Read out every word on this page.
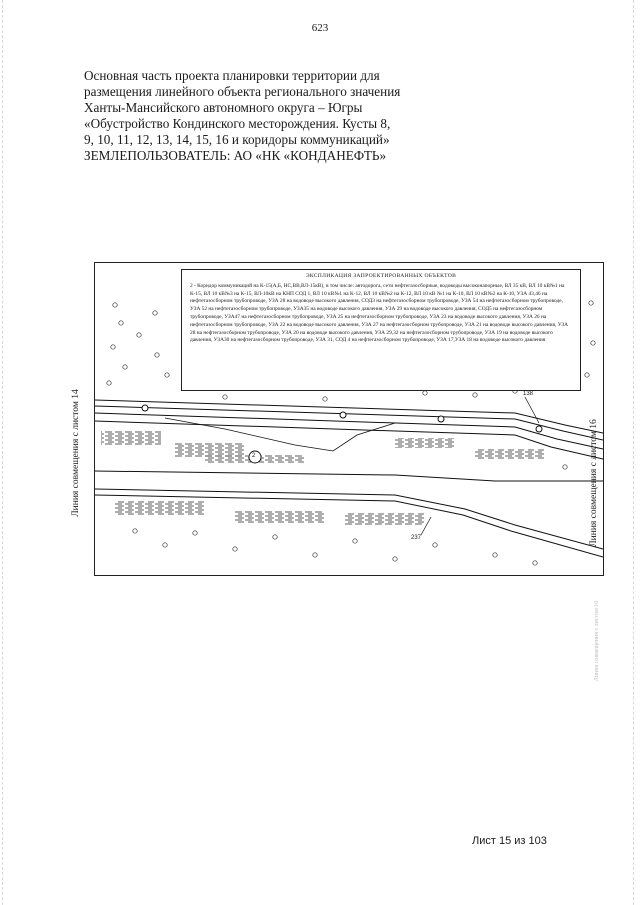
623
Основная часть проекта планировки территории для
размещения линейного объекта регионального значения
Ханты-Мансийского автономного округа – Югры
«Обустройство Кондинского месторождения. Кусты 8,
9, 10, 11, 12, 13, 14, 15, 16 и коридоры коммуникаций»
ЗЕМЛЕПОЛЬЗОВАТЕЛЬ: АО «НК «КОНДАНЕФТЬ»
138
237
2
ЭКСПЛИКАЦИЯ ЗАПРОЕКТИРОВАННЫХ ОБЪЕКТОВ
2 - Коридор коммуникаций на К-15(А,Б, НС,ВВ,ВЛ-15кВ), в том числе: автодорога, сети нефтегазосборные, водоводы высоконапорные, ВЛ 35 кВ, ВЛ 10 кВ№1 на К-15, ВЛ 10 кВ№3 на К-15, ВЛ-10кВ на КНП СОД 1, ВЛ 10 кВ№1 на К-12, ВЛ 10 кВ№2 на К-12, ВЛ 10 кВ №1 на К-10, ВЛ 10 кВ№2 на К-10, УЗА 43,46 на нефтегазосборном трубопроводе, УЗА 28 на водоводе высокого давления, СОД3 на нефтегазосборном трубопроводе, УЗА 54 на нефтегазосборном трубопроводе, УЗА 52 на нефтегазосборном трубопроводе, УЗА35 на водоводе высокого давления, УЗА 29 на водоводе высокого давления, СОД5 на нефтегазосборном трубопроводе, УЗА47 на нефтегазосборном трубопроводе, УЗА 25 на нефтегазосборном трубопроводе, УЗА 23 на водоводе высокого давления, УЗА 26 на нефтегазосборном трубопроводе, УЗА 22 на водоводе высокого давления, УЗА 27 на нефтегазосборном трубопроводе, УЗА 21 на водоводе высокого давления, УЗА 28 на нефтегазосборном трубопроводе, УЗА 20 на водоводе высокого давления, УЗА 29,32 на нефтегазосборном трубопроводе, УЗА 19 на водоводе высокого давления, УЗА30 на нефтегазосборном трубопроводе, УЗА 31, СОД 4 на нефтегазосборном трубопроводе, УЗА 17,УЗА 18 на водоводе высокого давления
Линия совмещения с листом 14	Линия совмещения с листом 16
Линия совмещения с листом 16
Лист 15 из 103
